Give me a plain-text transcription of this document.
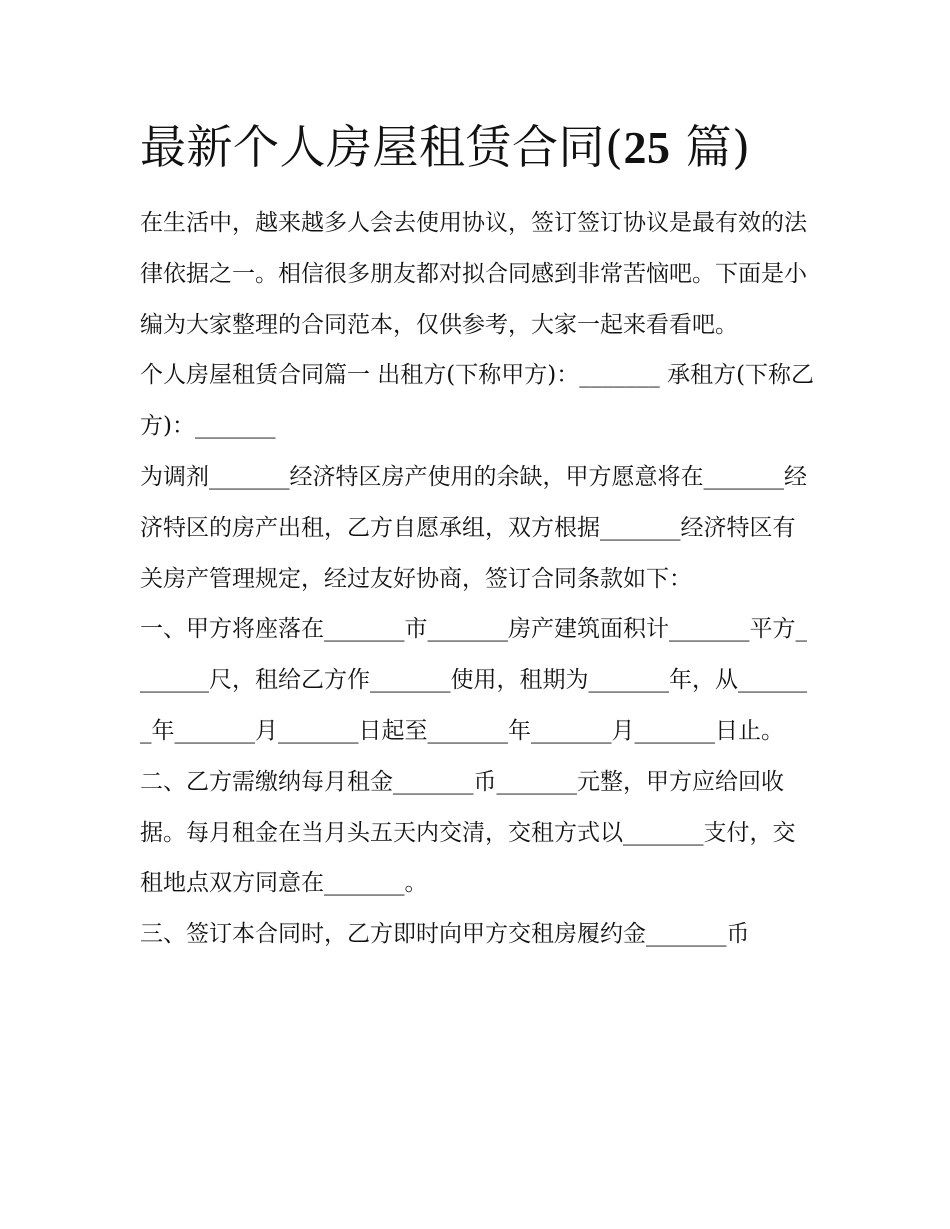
最新个人房屋租赁合同(25 篇)

在生活中，越来越多人会去使用协议，签订签订协议是最有效的法律依据之一。相信很多朋友都对拟合同感到非常苦恼吧。下面是小编为大家整理的合同范本，仅供参考，大家一起来看看吧。

个人房屋租赁合同篇一 出租方(下称甲方)：_______ 承租方(下称乙方)：_______

为调剂_______经济特区房产使用的余缺，甲方愿意将在_______经济特区的房产出租，乙方自愿承组，双方根据_______经济特区有关房产管理规定，经过友好协商，签订合同条款如下：

一、甲方将座落在_______市_______房产建筑面积计_______平方_______尺，租给乙方作_______使用，租期为_______年，从_______年_______月_______日起至_______年_______月_______日止。

二、乙方需缴纳每月租金_______币_______元整，甲方应给回收据。每月租金在当月头五天内交清，交租方式以_______支付，交租地点双方同意在_______。

三、签订本合同时，乙方即时向甲方交租房履约金_______币
